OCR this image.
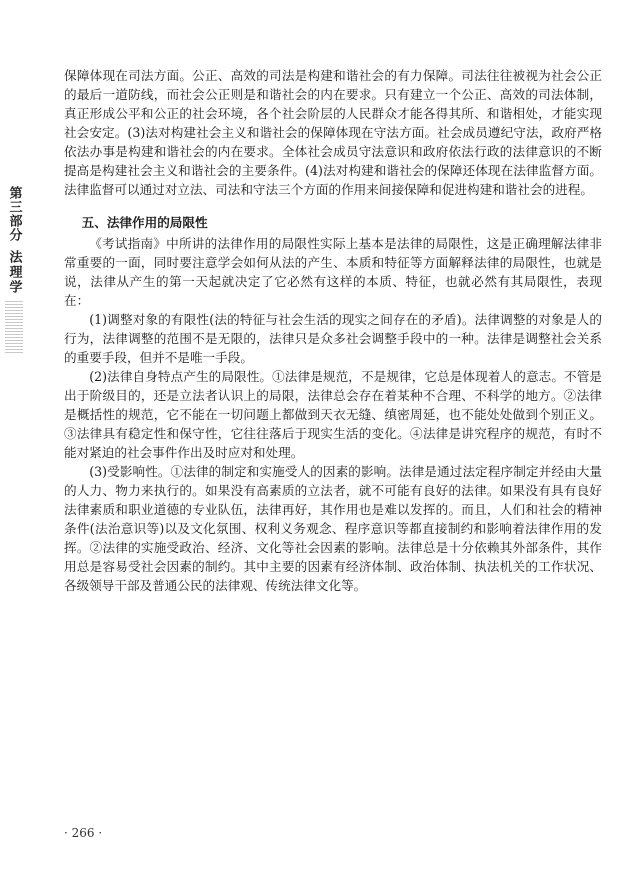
第三部分
法理学

保障体现在司法方面。公正、高效的司法是构建和谐社会的有力保障。司法往往被视为社会公正的最后一道防线，而社会公正则是和谐社会的内在要求。只有建立一个公正、高效的司法体制，真正形成公平和公正的社会环境，各个社会阶层的人民群众才能各得其所、和谐相处，才能实现社会安定。(3)法对构建社会主义和谐社会的保障体现在守法方面。社会成员遵纪守法，政府严格依法办事是构建和谐社会的内在要求。全体社会成员守法意识和政府依法行政的法律意识的不断提高是构建社会主义和谐社会的主要条件。(4)法对构建和谐社会的保障还体现在法律监督方面。法律监督可以通过对立法、司法和守法三个方面的作用来间接保障和促进构建和谐社会的进程。

五、法律作用的局限性

《考试指南》中所讲的法律作用的局限性实际上基本是法律的局限性，这是正确理解法律非常重要的一面，同时要注意学会如何从法的产生、本质和特征等方面解释法律的局限性，也就是说，法律从产生的第一天起就决定了它必然有这样的本质、特征，也就必然有其局限性，表现在：

(1)调整对象的有限性(法的特征与社会生活的现实之间存在的矛盾)。法律调整的对象是人的行为，法律调整的范围不是无限的，法律只是众多社会调整手段中的一种。法律是调整社会关系的重要手段，但并不是唯一手段。

(2)法律自身特点产生的局限性。①法律是规范，不是规律，它总是体现着人的意志。不管是出于阶级目的，还是立法者认识上的局限，法律总会存在着某种不合理、不科学的地方。②法律是概括性的规范，它不能在一切问题上都做到天衣无缝、缜密周延，也不能处处做到个别正义。③法律具有稳定性和保守性，它往往落后于现实生活的变化。④法律是讲究程序的规范，有时不能对紧迫的社会事件作出及时应对和处理。

(3)受影响性。①法律的制定和实施受人的因素的影响。法律是通过法定程序制定并经由大量的人力、物力来执行的。如果没有高素质的立法者，就不可能有良好的法律。如果没有具有良好法律素质和职业道德的专业队伍，法律再好，其作用也是难以发挥的。而且，人们和社会的精神条件(法治意识等)以及文化氛围、权利义务观念、程序意识等都直接制约和影响着法律作用的发挥。②法律的实施受政治、经济、文化等社会因素的影响。法律总是十分依赖其外部条件，其作用总是容易受社会因素的制约。其中主要的因素有经济体制、政治体制、执法机关的工作状况、各级领导干部及普通公民的法律观、传统法律文化等。

· 266 ·
